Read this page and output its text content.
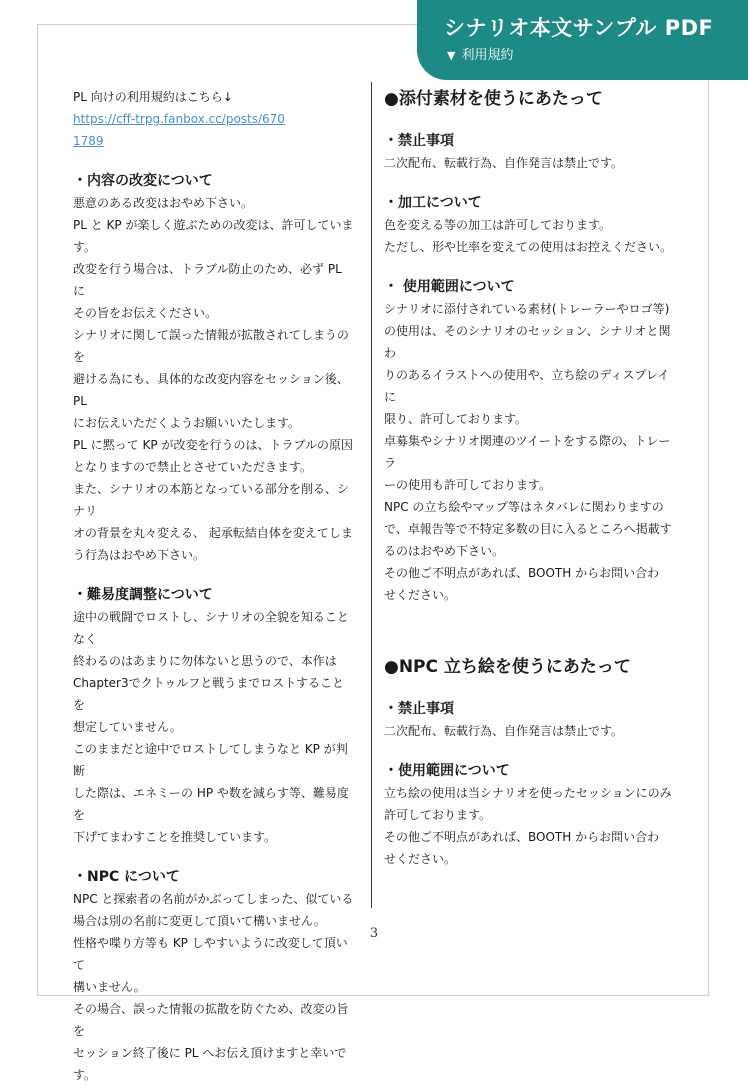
シナリオ本文サンプル PDF
▼ 利用規約

PL 向けの利用規約はこちら↓

https://cff-trpg.fanbox.cc/posts/6701789

・内容の改変について

悪意のある改変はおやめ下さい。

PL と KP が楽しく遊ぶための改変は、許可していま

す。

改変を行う場合は、トラブル防止のため、必ず PL に

その旨をお伝えください。

シナリオに関して誤った情報が拡散されてしまうのを

避ける為にも、具体的な改変内容をセッション後、PL

にお伝えいただくようお願いいたします。

PL に黙って KP が改変を行うのは、トラブルの原因

となりますので禁止とさせていただきます。

また、シナリオの本筋となっている部分を削る、シナリ

オの背景を丸々変える、 起承転結自体を変えてしま

う行為はおやめ下さい。

・難易度調整について

途中の戦闘でロストし、シナリオの全貌を知ることなく

終わるのはあまりに勿体ないと思うので、本作は

Chapter3でクトゥルフと戦うまでロストすることを

想定していません。

このままだと途中でロストしてしまうなと KP が判断

した際は、エネミーの HP や数を減らす等、難易度を

下げてまわすことを推奨しています。

・NPC について

NPC と探索者の名前がかぶってしまった、似ている

場合は別の名前に変更して頂いて構いません。

性格や喋り方等も KP しやすいように改変して頂いて

構いません。

その場合、誤った情報の拡散を防ぐため、改変の旨を

セッション終了後に PL へお伝え頂けますと幸いで

す。

●添付素材を使うにあたって

・禁止事項

二次配布、転載行為、自作発言は禁止です。

・加工について

色を変える等の加工は許可しております。

ただし、形や比率を変えての使用はお控えください。

・ 使用範囲について

シナリオに添付されている素材(トレーラーやロゴ等)

の使用は、そのシナリオのセッション、シナリオと関わ

りのあるイラストへの使用や、立ち絵のディスプレイに

限り、許可しております。

卓募集やシナリオ関連のツイートをする際の、トレーラ

ーの使用も許可しております。

NPC の立ち絵やマップ等はネタバレに関わりますの

で、卓報告等で不特定多数の目に入るところへ掲載す

るのはおやめ下さい。

その他ご不明点があれば、BOOTH からお問い合わ

せください。

●NPC 立ち絵を使うにあたって

・禁止事項

二次配布、転載行為、自作発言は禁止です。

・使用範囲について

立ち絵の使用は当シナリオを使ったセッションにのみ

許可しております。

その他ご不明点があれば、BOOTH からお問い合わ

せください。

3
